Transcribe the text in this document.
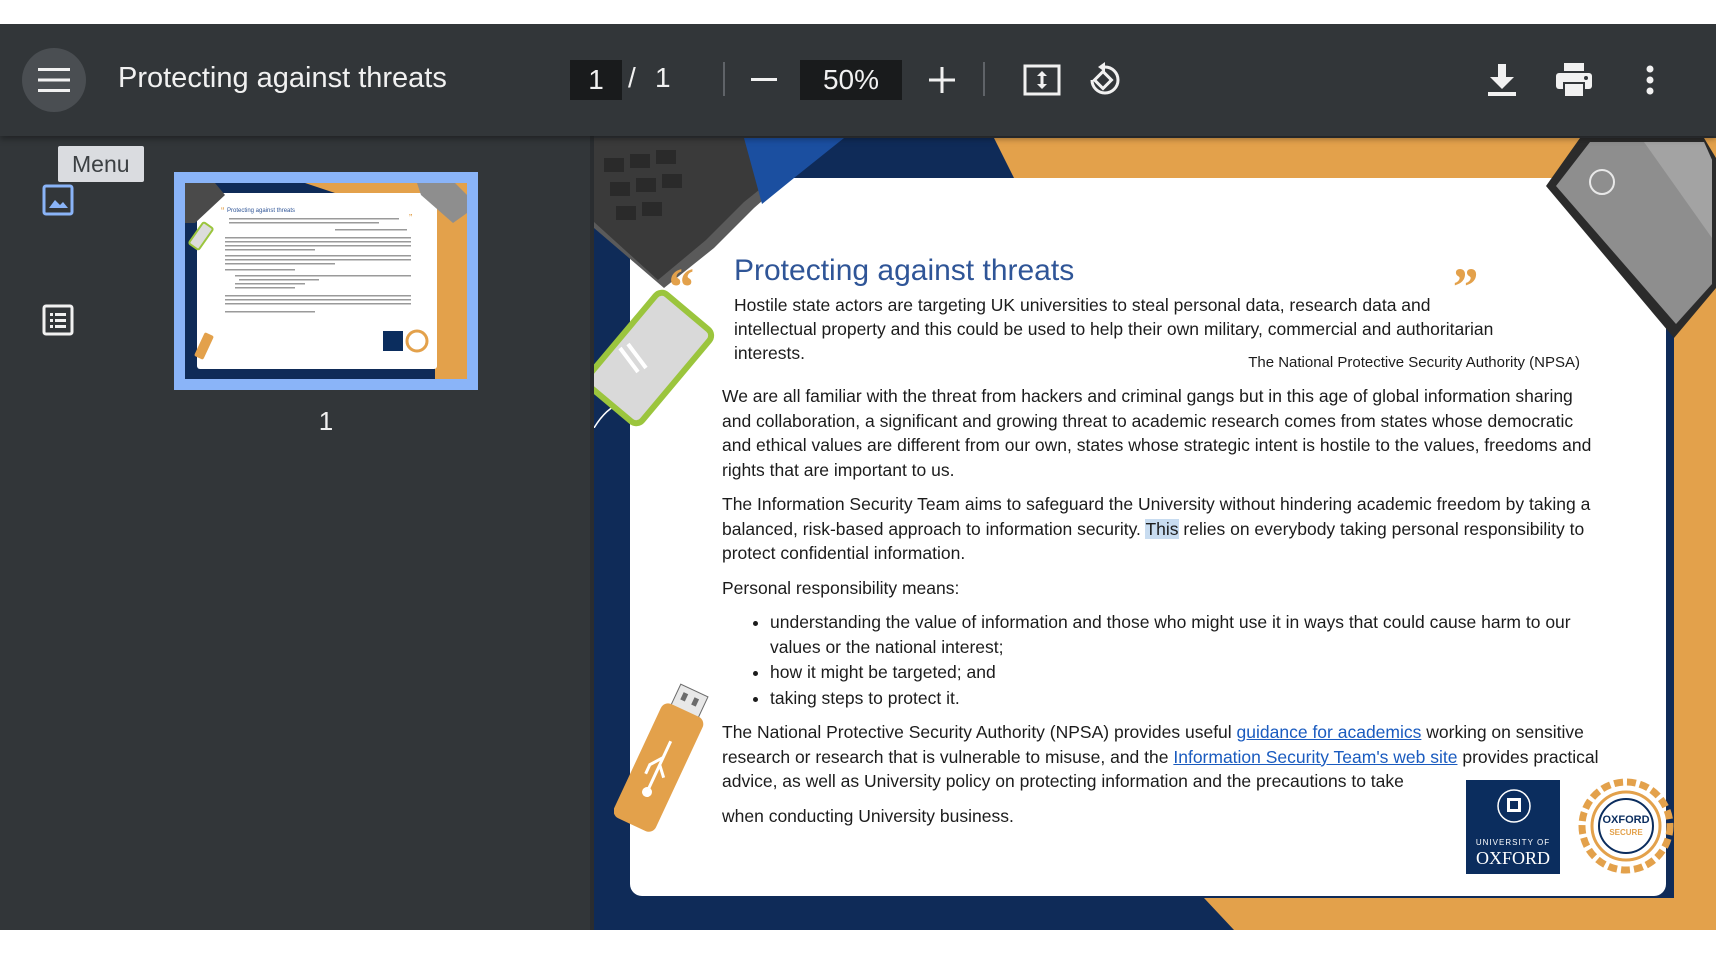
Protecting against threats	1 / 1	50%
Protecting against threats
“
”
1
Menu
“	”
Protecting against threats
Hostile state actors are targeting UK universities to steal personal data, research data and intellectual property and this could be used to help their own military, commercial and authoritarian interests.	The National Protective Security Authority (NPSA)

We are all familiar with the threat from hackers and criminal gangs but in this age of global information sharing and collaboration, a significant and growing threat to academic research comes from states whose democratic and ethical values are different from our own, states whose strategic intent is hostile to the values, freedoms and rights that are important to us.

The Information Security Team aims to safeguard the University without hindering academic freedom by taking a balanced, risk-based approach to information security. This relies on everybody taking personal responsibility to protect confidential information.

Personal responsibility means:

• understanding the value of information and those who might use it in ways that could cause harm to our values or the national interest;
• how it might be targeted; and
• taking steps to protect it.

The National Protective Security Authority (NPSA) provides useful guidance for academics working on sensitive research or research that is vulnerable to misuse, and the Information Security Team's web site provides practical advice, as well as University policy on protecting information and the precautions to take

when conducting University business.

UNIVERSITY OF
OXFORD
OXFORD
SECURE
